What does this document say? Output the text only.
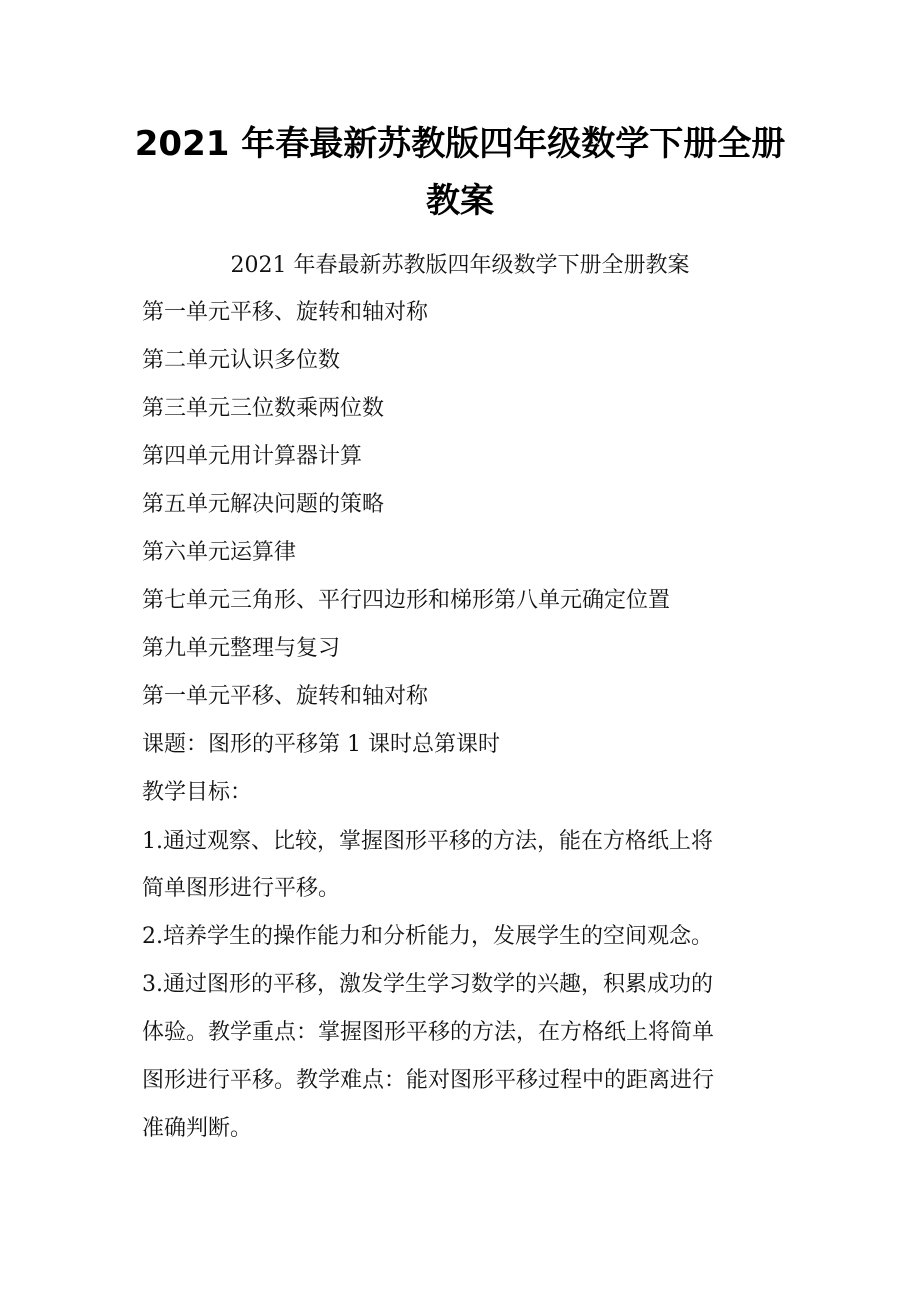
2021 年春最新苏教版四年级数学下册全册
教案
2021 年春最新苏教版四年级数学下册全册教案
第一单元平移、旋转和轴对称
第二单元认识多位数
第三单元三位数乘两位数
第四单元用计算器计算
第五单元解决问题的策略
第六单元运算律
第七单元三角形、平行四边形和梯形第八单元确定位置
第九单元整理与复习
第一单元平移、旋转和轴对称
课题：图形的平移第 1 课时总第课时
教学目标：
1.通过观察、比较，掌握图形平移的方法，能在方格纸上将
简单图形进行平移。
2.培养学生的操作能力和分析能力，发展学生的空间观念。
3.通过图形的平移，激发学生学习数学的兴趣，积累成功的
体验。教学重点：掌握图形平移的方法，在方格纸上将简单
图形进行平移。教学难点：能对图形平移过程中的距离进行
准确判断。
